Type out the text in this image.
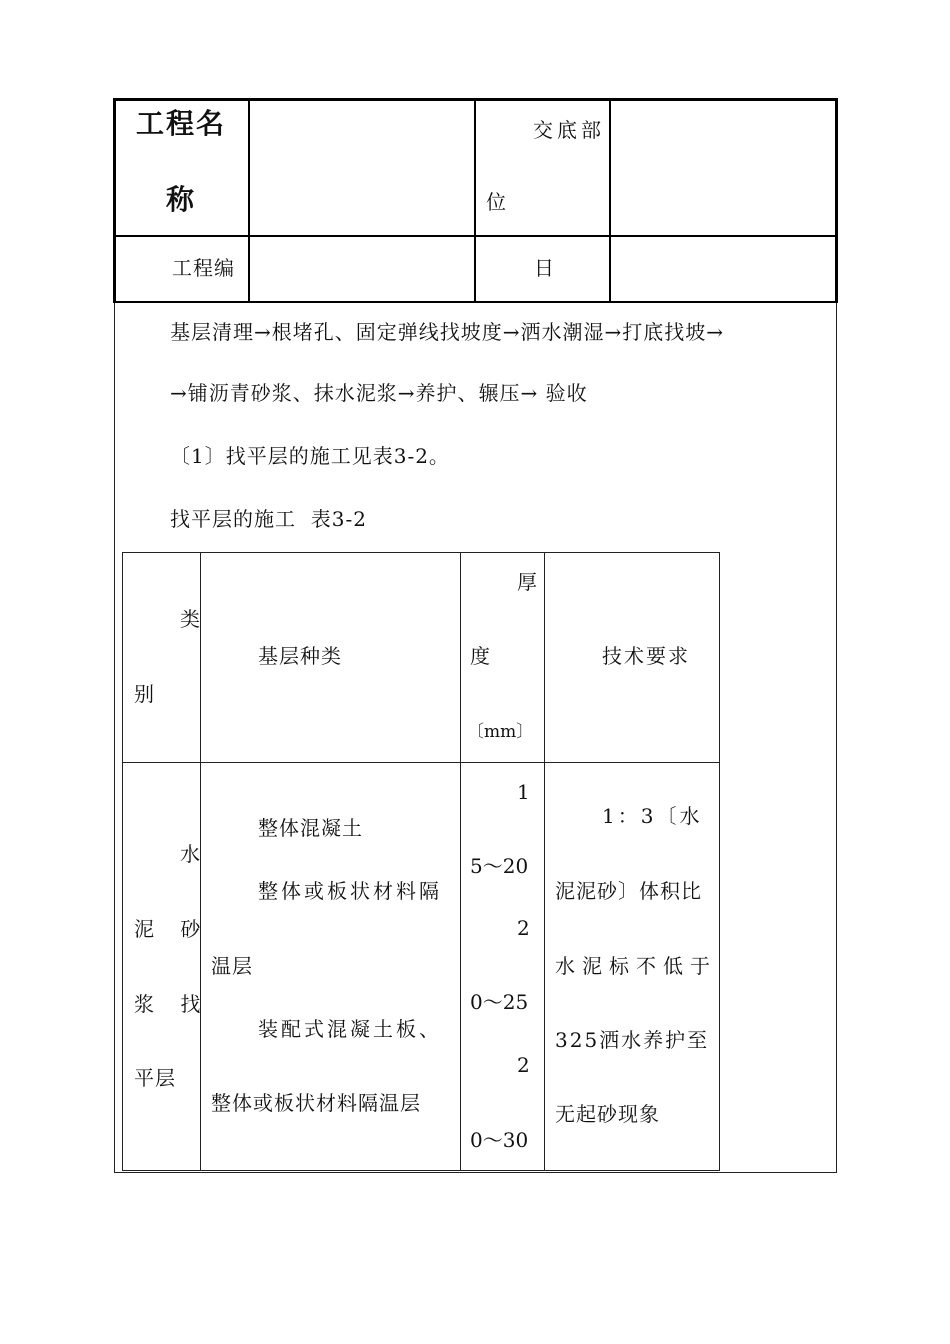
工程名
称
交底部
位
工程编	日
基层清理→根堵孔、固定弹线找坡度→洒水潮湿→打底找坡→
→铺沥青砂浆、抹水泥浆→养护、辗压→ 验收
〔1〕找平层的施工见表3-2。
找平层的施工  表3-2
类
别
基层种类
厚
度
〔mm〕
技术要求
水
泥 砂
浆 找
平层
整体混凝土
整体或板状材料隔
温层
装配式混凝土板、
整体或板状材料隔温层
1
5～20
2
0～25
2
0～30
1：3〔水
泥泥砂〕体积比
水泥标不低于
325洒水养护至
无起砂现象
